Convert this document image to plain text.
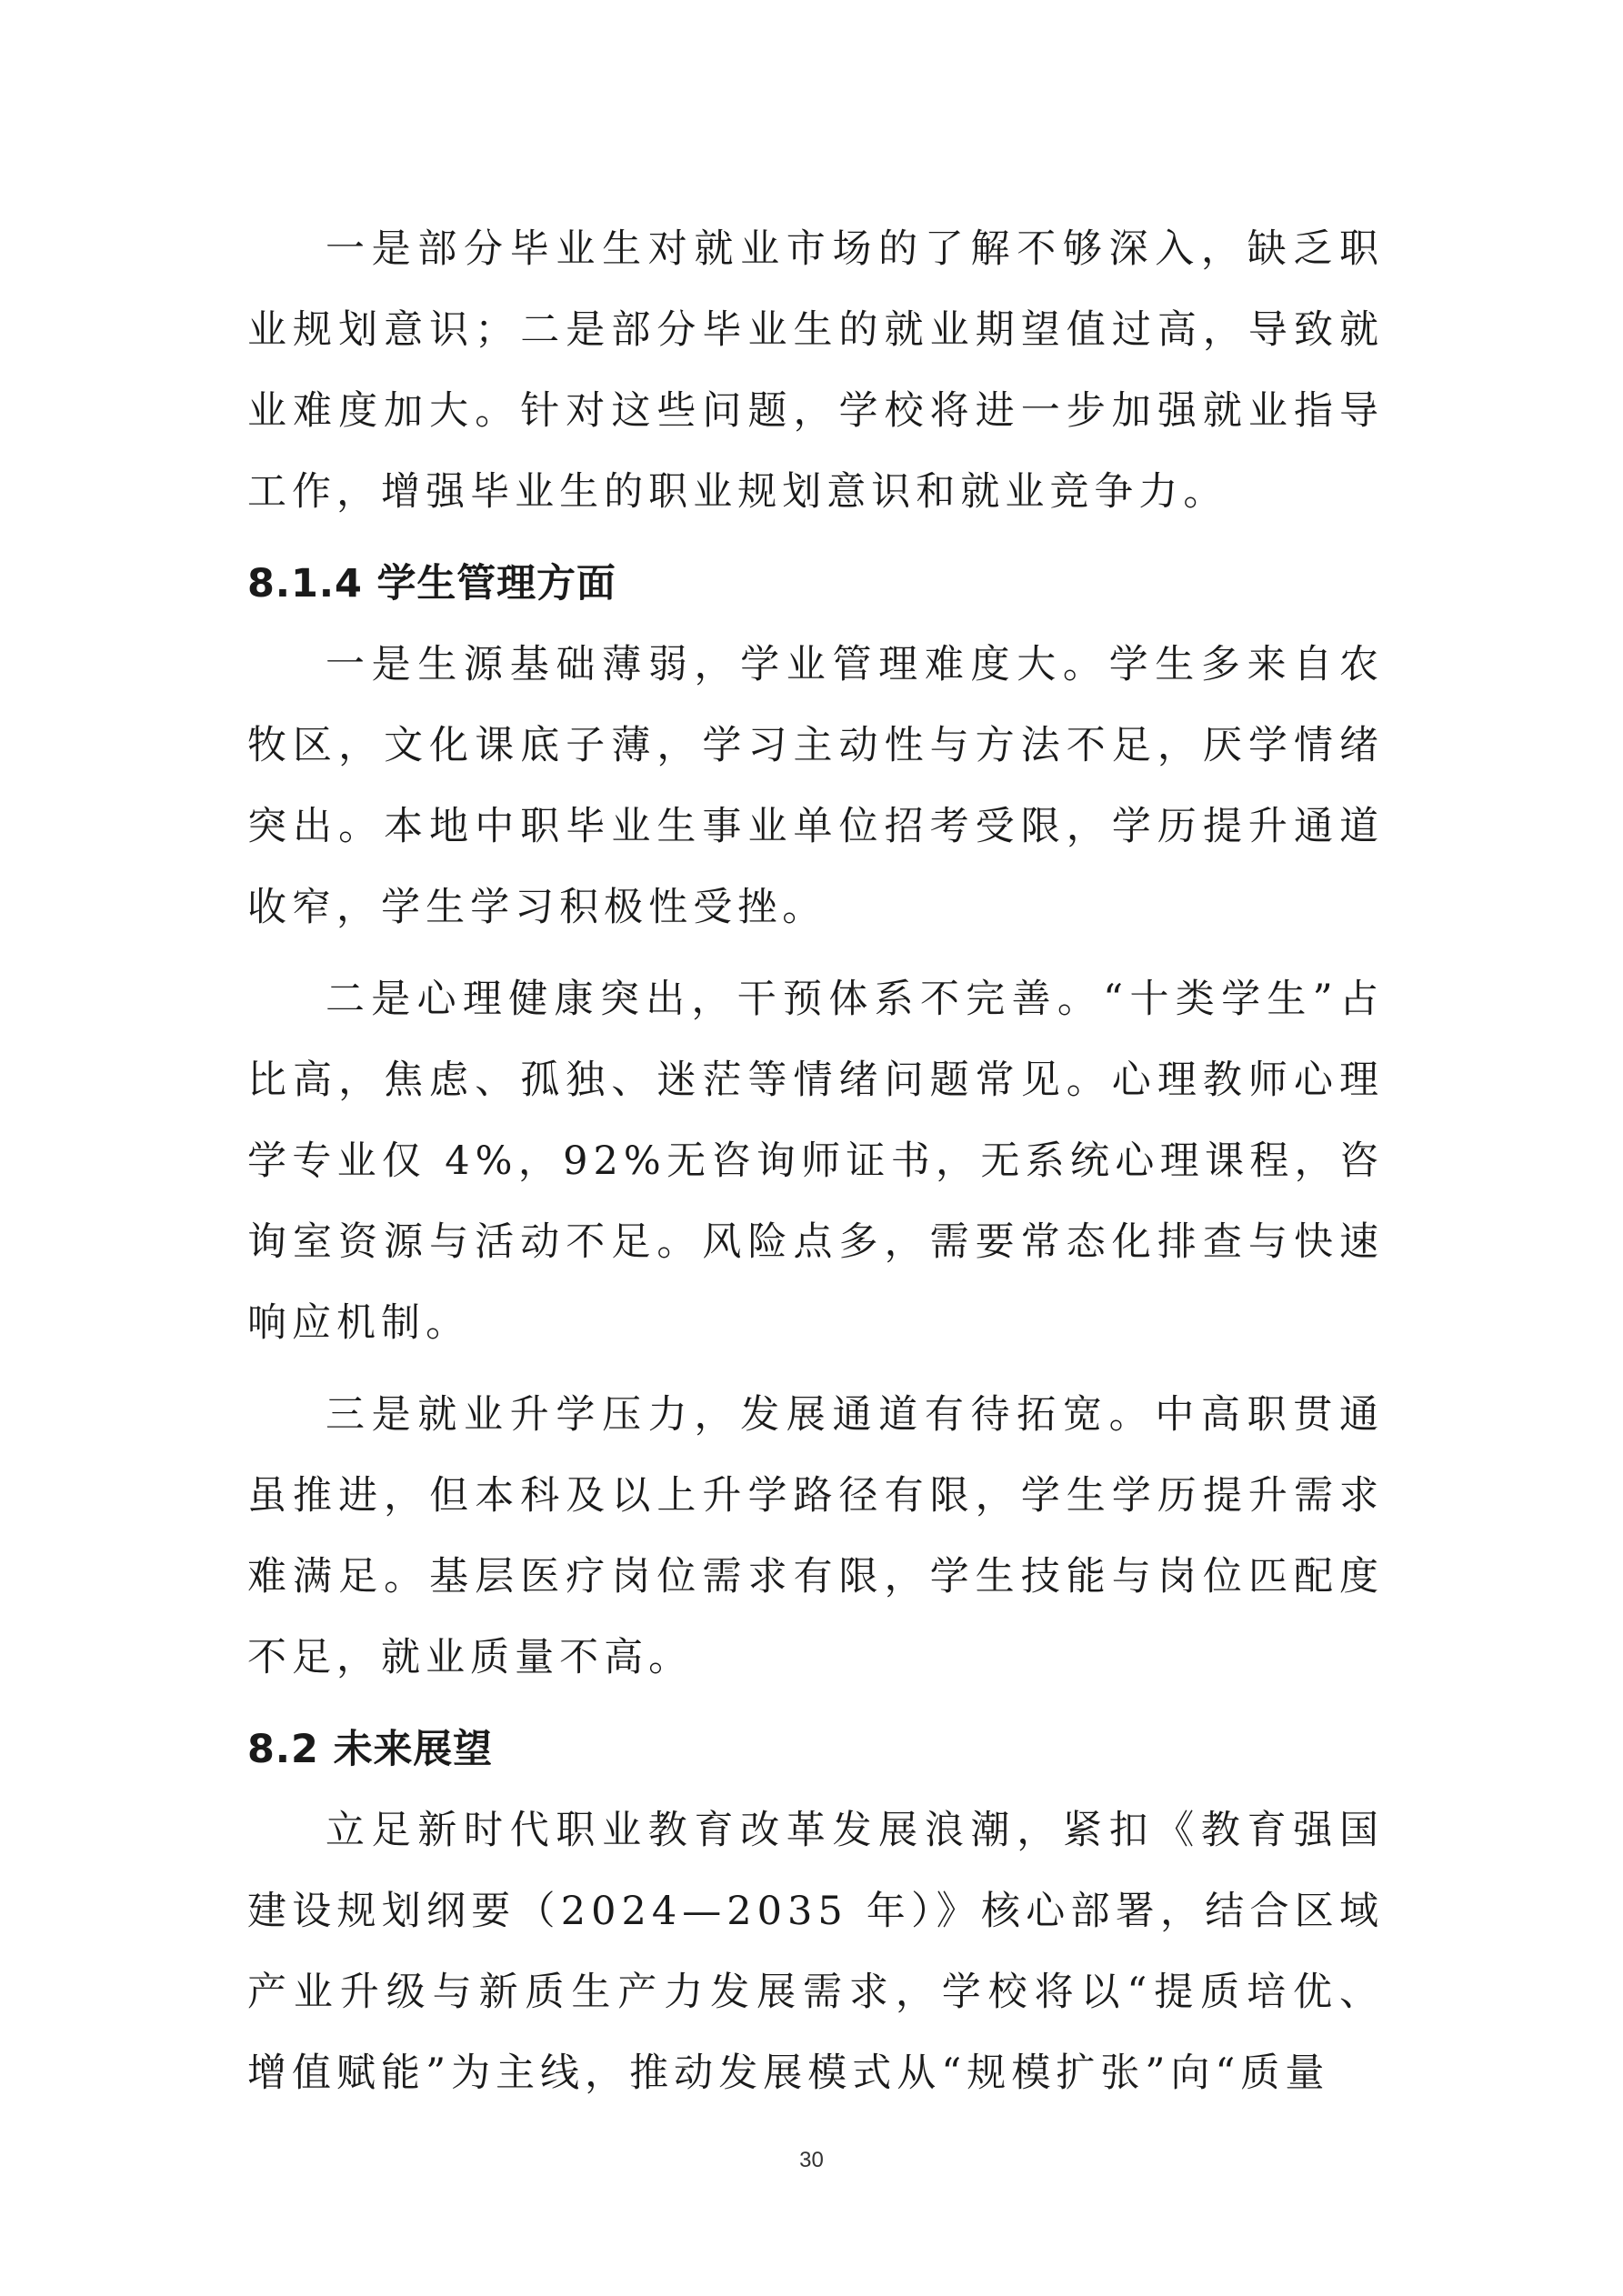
一是部分毕业生对就业市场的了解不够深入，缺乏职业规划意识；二是部分毕业生的就业期望值过高，导致就业难度加大。针对这些问题，学校将进一步加强就业指导工作，增强毕业生的职业规划意识和就业竞争力。

8.1.4 学生管理方面

一是生源基础薄弱，学业管理难度大。学生多来自农牧区，文化课底子薄，学习主动性与方法不足，厌学情绪突出。本地中职毕业生事业单位招考受限，学历提升通道收窄，学生学习积极性受挫。

二是心理健康突出，干预体系不完善。“十类学生”占比高，焦虑、孤独、迷茫等情绪问题常见。心理教师心理学专业仅 4%，92%无咨询师证书，无系统心理课程，咨询室资源与活动不足。风险点多，需要常态化排查与快速响应机制。

三是就业升学压力，发展通道有待拓宽。中高职贯通虽推进，但本科及以上升学路径有限，学生学历提升需求难满足。基层医疗岗位需求有限，学生技能与岗位匹配度不足，就业质量不高。

8.2 未来展望

立足新时代职业教育改革发展浪潮，紧扣《教育强国建设规划纲要（2024—2035 年）》核心部署，结合区域产业升级与新质生产力发展需求，学校将以“提质培优、增值赋能”为主线，推动发展模式从“规模扩张”向“质量

30
